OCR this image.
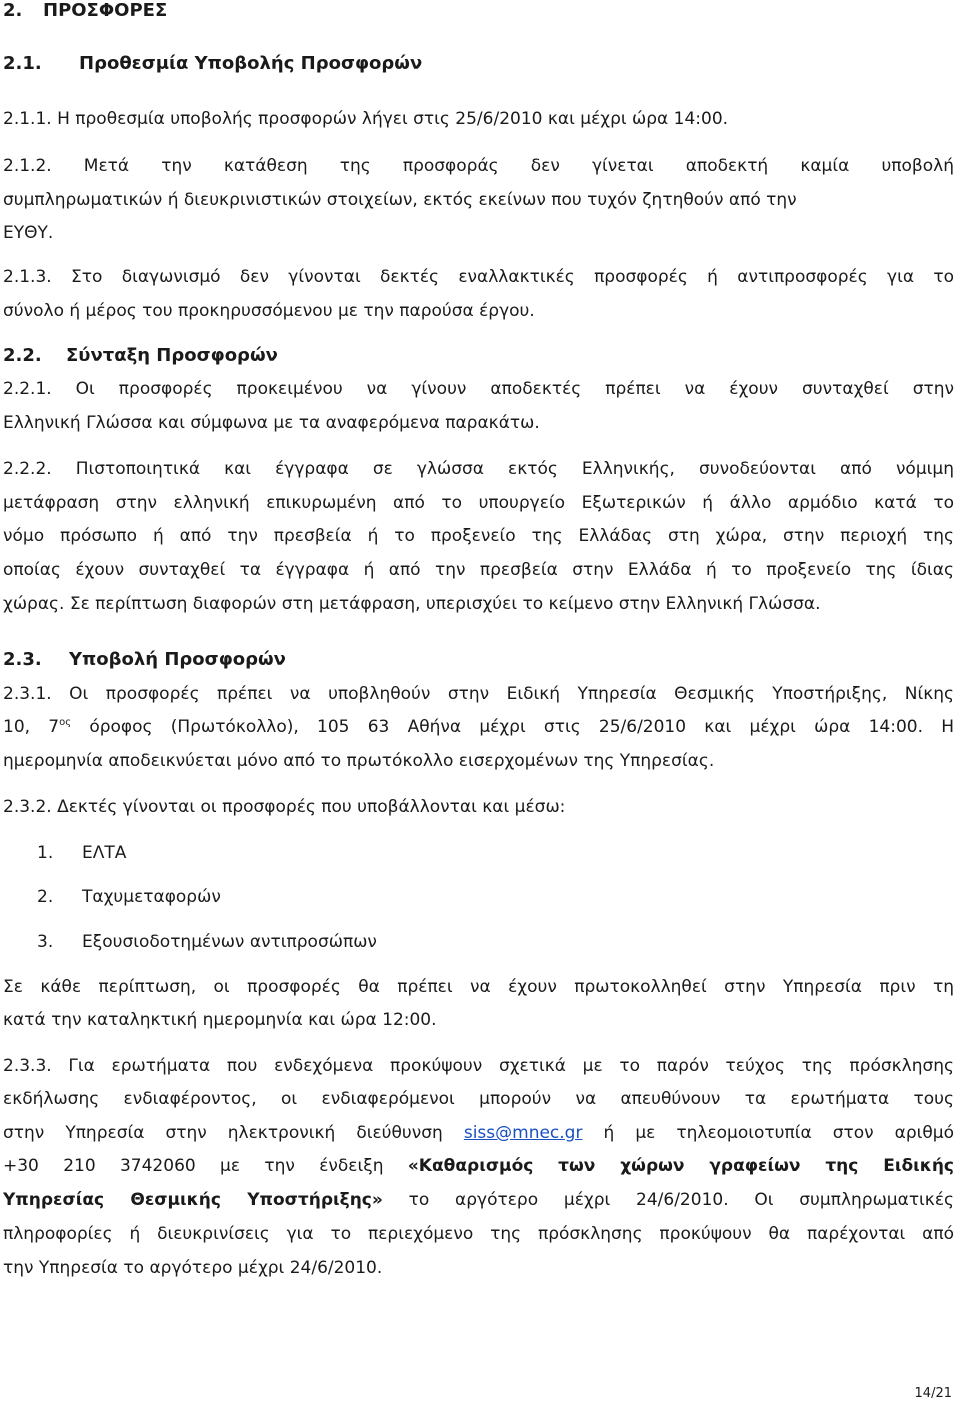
2. ΠΡΟΣΦΟΡΕΣ
2.1. Προθεσμία Υποβολής Προσφορών
2.1.1. Η προθεσμία υποβολής προσφορών λήγει στις 25/6/2010 και μέχρι ώρα 14:00.
2.1.2. Μετά την κατάθεση της προσφοράς δεν γίνεται αποδεκτή καμία υποβολή
συμπληρωματικών ή διευκρινιστικών στοιχείων, εκτός εκείνων που τυχόν ζητηθούν από την
ΕΥΘΥ.
2.1.3. Στο διαγωνισμό δεν γίνονται δεκτές εναλλακτικές προσφορές ή αντιπροσφορές για το
σύνολο ή μέρος του προκηρυσσόμενου με την παρούσα έργου.
2.2. Σύνταξη Προσφορών
2.2.1. Οι προσφορές προκειμένου να γίνουν αποδεκτές πρέπει να έχουν συνταχθεί στην
Ελληνική Γλώσσα και σύμφωνα με τα αναφερόμενα παρακάτω.
2.2.2. Πιστοποιητικά και έγγραφα σε γλώσσα εκτός Ελληνικής, συνοδεύονται από νόμιμη
μετάφραση στην ελληνική επικυρωμένη από το υπουργείο Εξωτερικών ή άλλο αρμόδιο κατά το
νόμο πρόσωπο ή από την πρεσβεία ή το προξενείο της Ελλάδας στη χώρα, στην περιοχή της
οποίας έχουν συνταχθεί τα έγγραφα ή από την πρεσβεία στην Ελλάδα ή το προξενείο της ίδιας
χώρας. Σε περίπτωση διαφορών στη μετάφραση, υπερισχύει το κείμενο στην Ελληνική Γλώσσα.
2.3. Υποβολή Προσφορών
2.3.1. Οι προσφορές πρέπει να υποβληθούν στην Ειδική Υπηρεσία Θεσμικής Υποστήριξης, Νίκης
10, $7^{o\varsigma}$ όροφος (Πρωτόκολλο), 105 63 Αθήνα μέχρι στις 25/6/2010 και μέχρι ώρα 14:00. Η
ημερομηνία αποδεικνύεται μόνο από το πρωτόκολλο εισερχομένων της Υπηρεσίας.
2.3.2. Δεκτές γίνονται οι προσφορές που υποβάλλονται και μέσω:
1. ΕΛΤΑ
2. Ταχυμεταφορών
3. Εξουσιοδοτημένων αντιπροσώπων
Σε κάθε περίπτωση, οι προσφορές θα πρέπει να έχουν πρωτοκολληθεί στην Υπηρεσία πριν τη
κατά την καταληκτική ημερομηνία και ώρα 12:00.
2.3.3. Για ερωτήματα που ενδεχόμενα προκύψουν σχετικά με το παρόν τεύχος της πρόσκλησης
εκδήλωσης ενδιαφέροντος, οι ενδιαφερόμενοι μπορούν να απευθύνουν τα ερωτήματα τους
στην Υπηρεσία στην ηλεκτρονική διεύθυνση siss@mnec.gr ή με τηλεομοιοτυπία στον αριθμό
+30 210 3742060 με την ένδειξη «Καθαρισμός των χώρων γραφείων της Ειδικής
Υπηρεσίας Θεσμικής Υποστήριξης» το αργότερο μέχρι 24/6/2010. Οι συμπληρωματικές
πληροφορίες ή διευκρινίσεις για το περιεχόμενο της πρόσκλησης προκύψουν θα παρέχονται από
την Υπηρεσία το αργότερο μέχρι 24/6/2010.
14/21
